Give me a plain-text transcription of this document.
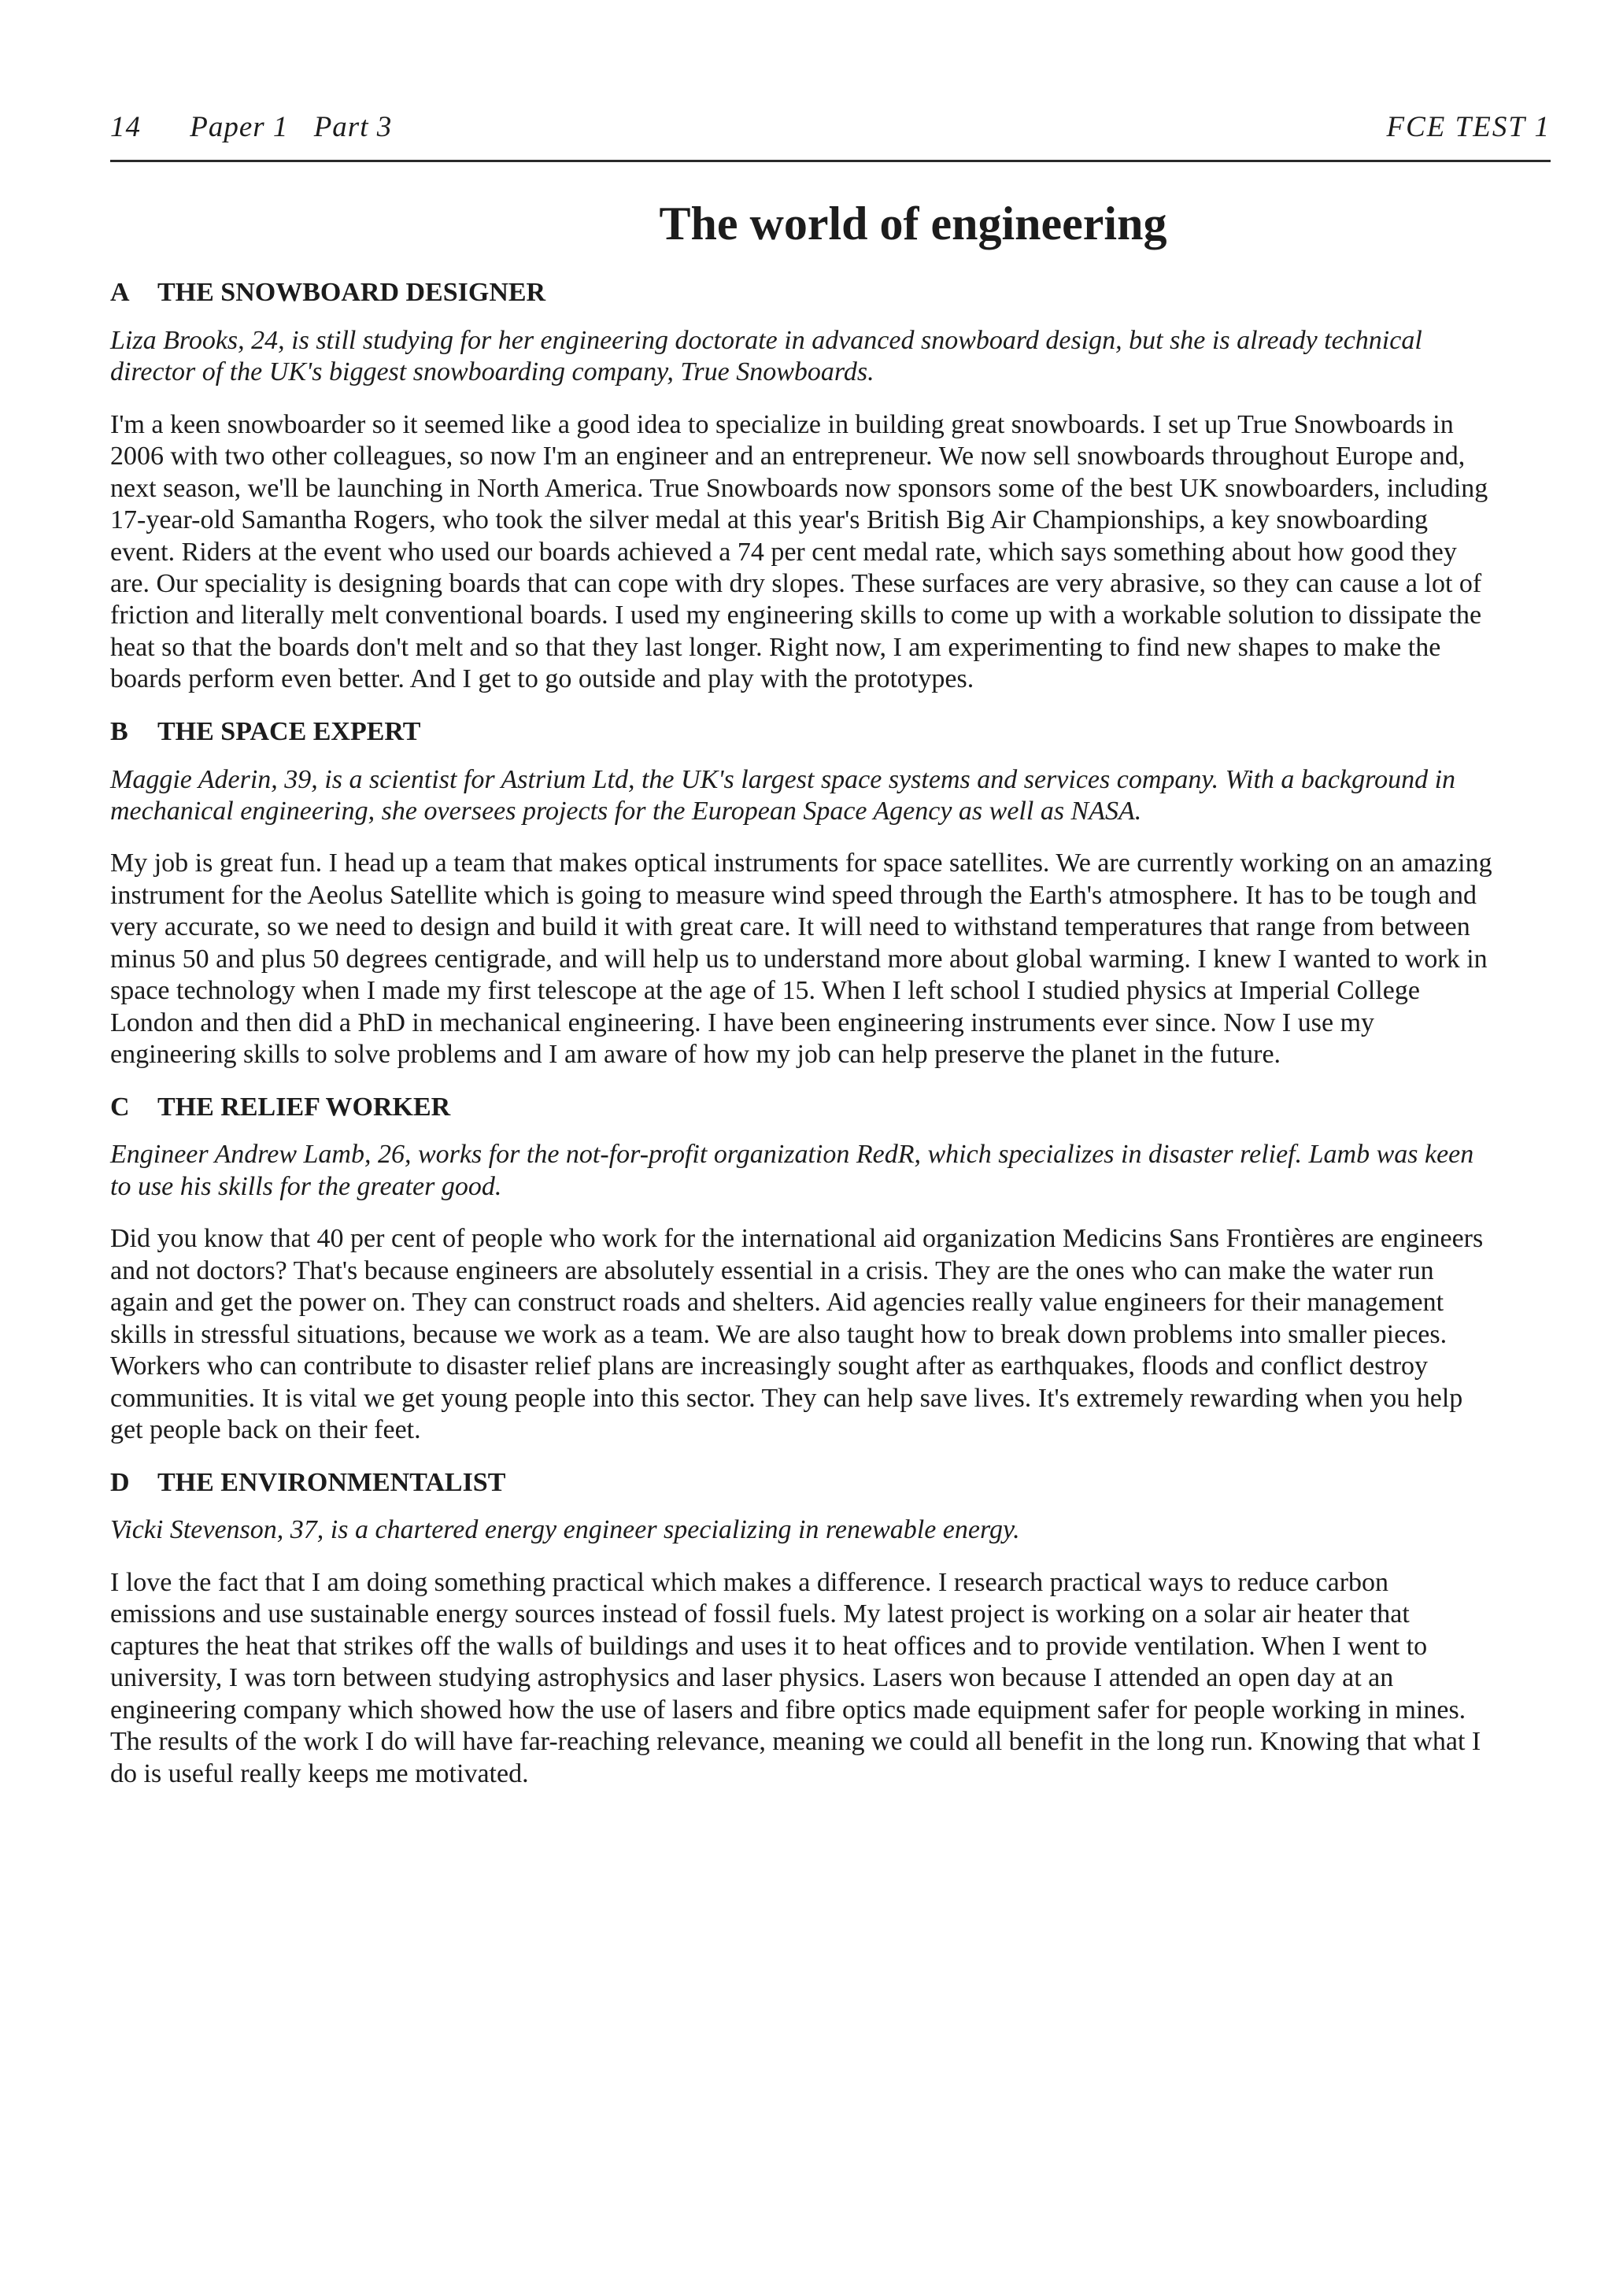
14 Paper 1 Part 3	FCE TEST 1
The world of engineering

A THE SNOWBOARD DESIGNER

Liza Brooks, 24, is still studying for her engineering doctorate in advanced snowboard design, but she is already technical director of the UK's biggest snowboarding company, True Snowboards.

I'm a keen snowboarder so it seemed like a good idea to specialize in building great snowboards. I set up True Snowboards in 2006 with two other colleagues, so now I'm an engineer and an entrepreneur. We now sell snowboards throughout Europe and, next season, we'll be launching in North America. True Snowboards now sponsors some of the best UK snowboarders, including 17-year-old Samantha Rogers, who took the silver medal at this year's British Big Air Championships, a key snowboarding event. Riders at the event who used our boards achieved a 74 per cent medal rate, which says something about how good they are. Our speciality is designing boards that can cope with dry slopes. These surfaces are very abrasive, so they can cause a lot of friction and literally melt conventional boards. I used my engineering skills to come up with a workable solution to dissipate the heat so that the boards don't melt and so that they last longer. Right now, I am experimenting to find new shapes to make the boards perform even better. And I get to go outside and play with the prototypes.

B THE SPACE EXPERT

Maggie Aderin, 39, is a scientist for Astrium Ltd, the UK's largest space systems and services company. With a background in mechanical engineering, she oversees projects for the European Space Agency as well as NASA.

My job is great fun. I head up a team that makes optical instruments for space satellites. We are currently working on an amazing instrument for the Aeolus Satellite which is going to measure wind speed through the Earth's atmosphere. It has to be tough and very accurate, so we need to design and build it with great care. It will need to withstand temperatures that range from between minus 50 and plus 50 degrees centigrade, and will help us to understand more about global warming. I knew I wanted to work in space technology when I made my first telescope at the age of 15. When I left school I studied physics at Imperial College London and then did a PhD in mechanical engineering. I have been engineering instruments ever since. Now I use my engineering skills to solve problems and I am aware of how my job can help preserve the planet in the future.

C THE RELIEF WORKER

Engineer Andrew Lamb, 26, works for the not-for-profit organization RedR, which specializes in disaster relief. Lamb was keen to use his skills for the greater good.

Did you know that 40 per cent of people who work for the international aid organization Medicins Sans Frontières are engineers and not doctors? That's because engineers are absolutely essential in a crisis. They are the ones who can make the water run again and get the power on. They can construct roads and shelters. Aid agencies really value engineers for their management skills in stressful situations, because we work as a team. We are also taught how to break down problems into smaller pieces. Workers who can contribute to disaster relief plans are increasingly sought after as earthquakes, floods and conflict destroy communities. It is vital we get young people into this sector. They can help save lives. It's extremely rewarding when you help get people back on their feet.

D THE ENVIRONMENTALIST

Vicki Stevenson, 37, is a chartered energy engineer specializing in renewable energy.

I love the fact that I am doing something practical which makes a difference. I research practical ways to reduce carbon emissions and use sustainable energy sources instead of fossil fuels. My latest project is working on a solar air heater that captures the heat that strikes off the walls of buildings and uses it to heat offices and to provide ventilation. When I went to university, I was torn between studying astrophysics and laser physics. Lasers won because I attended an open day at an engineering company which showed how the use of lasers and fibre optics made equipment safer for people working in mines. The results of the work I do will have far-reaching relevance, meaning we could all benefit in the long run. Knowing that what I do is useful really keeps me motivated.
